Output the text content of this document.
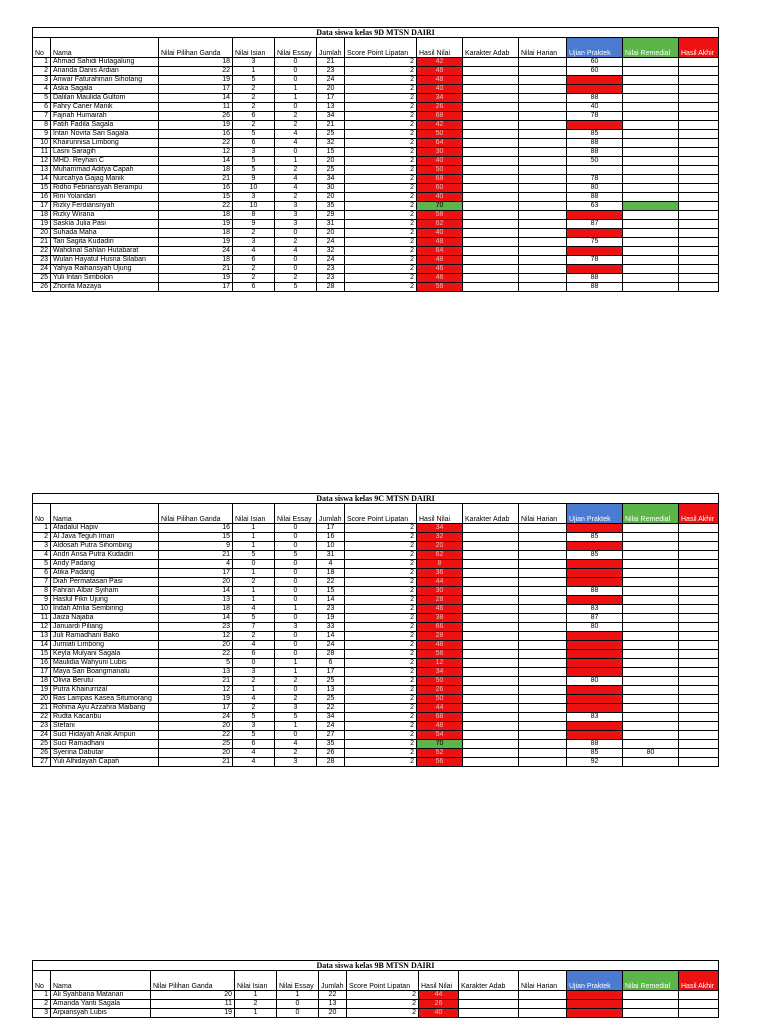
Data siswa kelas 9D MTSN DAIRI												
No	Nama	Nilai Pilihan Ganda	Nilai Isian	Nilai Essay	Jumlah	Score Point Lipatan	Hasil Nilai	Karakter Adab	Nilai Harian	Ujian Praktek	Nilai Remedial	Hasil Akhir
1	Ahmad Sahidi Hutagalung	18	3	0	21	2	42			60		
2	Ananda Danis Ardian	22	1	0	23	2	46			60		
3	Anwar Faturahman Sihotang	19	5	0	24	2	48					
4	Aska Sagala	17	2	1	20	2	40					
5	Dalilan Maulida Gultom	14	2	1	17	2	34			88		
6	Fahry Caner Manik	11	2	0	13	2	26			40		
7	Fajriah Humairah	26	6	2	34	2	68			78		
8	Fatih Fadila Sagala	19	2	2	21	2	42					
9	Intan Novita Sari Sagala	16	5	4	25	2	50			85		
10	Khairunnisa Limbong	22	6	4	32	2	64			88		
11	Lasni Saragih	12	3	0	15	2	30			88		
12	MHD. Reyhan C	14	5	1	20	2	40			50		
13	Muhammad Aditya Capah	18	5	2	25	2	50					
14	Nurcahya Gajag Manik	21	9	4	34	2	68			78		
15	Ridho Febriansyah Berampu	16	10	4	30	2	60			80		
16	Rini Yolandari	15	3	2	20	2	40			88		
17	Rizky Ferdiansnyah	22	10	3	35	2	70			63		
18	Rizky Wirana	18	8	3	29	2	58					
19	Saskia Julia Pasi	19	9	3	31	2	62			87		
20	Suhada Maha	18	2	0	20	2	40					
21	Tari Sagita Kudadiri	19	3	2	24	2	48			75		
22	Wahdinal Sahlan Hutabarat	24	4	4	32	2	64					
23	Wulan Hayatul Husna Silaban	18	6	0	24	2	48			78		
24	Yahya Raihansyah Ujung	21	2	0	23	2	46					
25	Yuli Intan Simbolon	19	2	2	23	2	46			88		
26	Zhorifa Mazaya	17	6	5	28	2	56			88		
Data siswa kelas 9C MTSN DAIRI												
No	Nama	Nilai Pilihan Ganda	Nilai Isian	Nilai Essay	Jumlah	Score Point Lipatan	Hasil Nilai	Karakter Adab	Nilai Harian	Ujian Praktek	Nilai Remedial	Hasil Akhir
1	Afadalul Hapiv	16	1	0	17	2	34					
2	Al Java Teguh Iman	15	1	0	16	2	32			85		
3	Aldosah Putra Sihombing	9	1	0	10	2	20					
4	Andri Ansa Putra Kudadiri	21	5	5	31	2	62			85		
5	Andy Padang	4	0	0	4	2	8					
6	Atika Padang	17	1	0	18	2	36					
7	Diah Permatasari Pasi	20	2	0	22	2	44					
8	Fahran Albar Syiham	14	1	0	15	2	30			88		
9	Haslul Fikri Ujung	13	1	0	14	2	28					
10	Indah Afrilia Sembiring	18	4	1	23	2	46			83		
11	Jaiza Najaba	14	5	0	19	2	38			87		
12	Januardi Piliang	23	7	3	33	2	66			80		
13	Juli Ramadhani Bako	12	2	0	14	2	28					
14	Jumiati Limbong	20	4	0	24	2	48					
15	Keyla Mulyani Sagala	22	6	0	28	2	56					
16	Maulidia Wahyuni Lubis	5	0	1	6	2	12					
17	Maya Sari Boangmanalu	13	3	1	17	2	34					
18	Olivia Berutu	21	2	2	25	2	50			80		
19	Putra Khairurrizal	12	1	0	13	2	26					
20	Ras Lampas Kasea Situmorang	19	4	2	25	2	50					
21	Rohma Ayu Azzahra Maibang	17	2	3	22	2	44					
22	Rudta Kacaribu	24	5	5	34	2	68			83		
23	Stefani	20	3	1	24	2	48					
24	Suci Hidayah Anak Ampun	22	5	0	27	2	54					
25	Suci Ramadhani	25	6	4	35	2	70			88		
26	Syerina Dabutar	20	4	2	26	2	52			85	80	
27	Yuli Alhidayah Capah	21	4	3	28	2	56			92		
Data siswa kelas 9B MTSN DAIRI												
No	Nama	Nilai Pilihan Ganda	Nilai Isian	Nilai Essay	Jumlah	Score Point Lipatan	Hasil Nilai	Karakter Adab	Nilai Harian	Ujian Praktek	Nilai Remedial	Hasil Akhir
1	Ali Syahbana Matanari	20	1	1	22	2	44					
2	Amanda Yanti Sagala	11	2	0	13	2	26					
3	Arpiansyah Lubis	19	1	0	20	2	40					
